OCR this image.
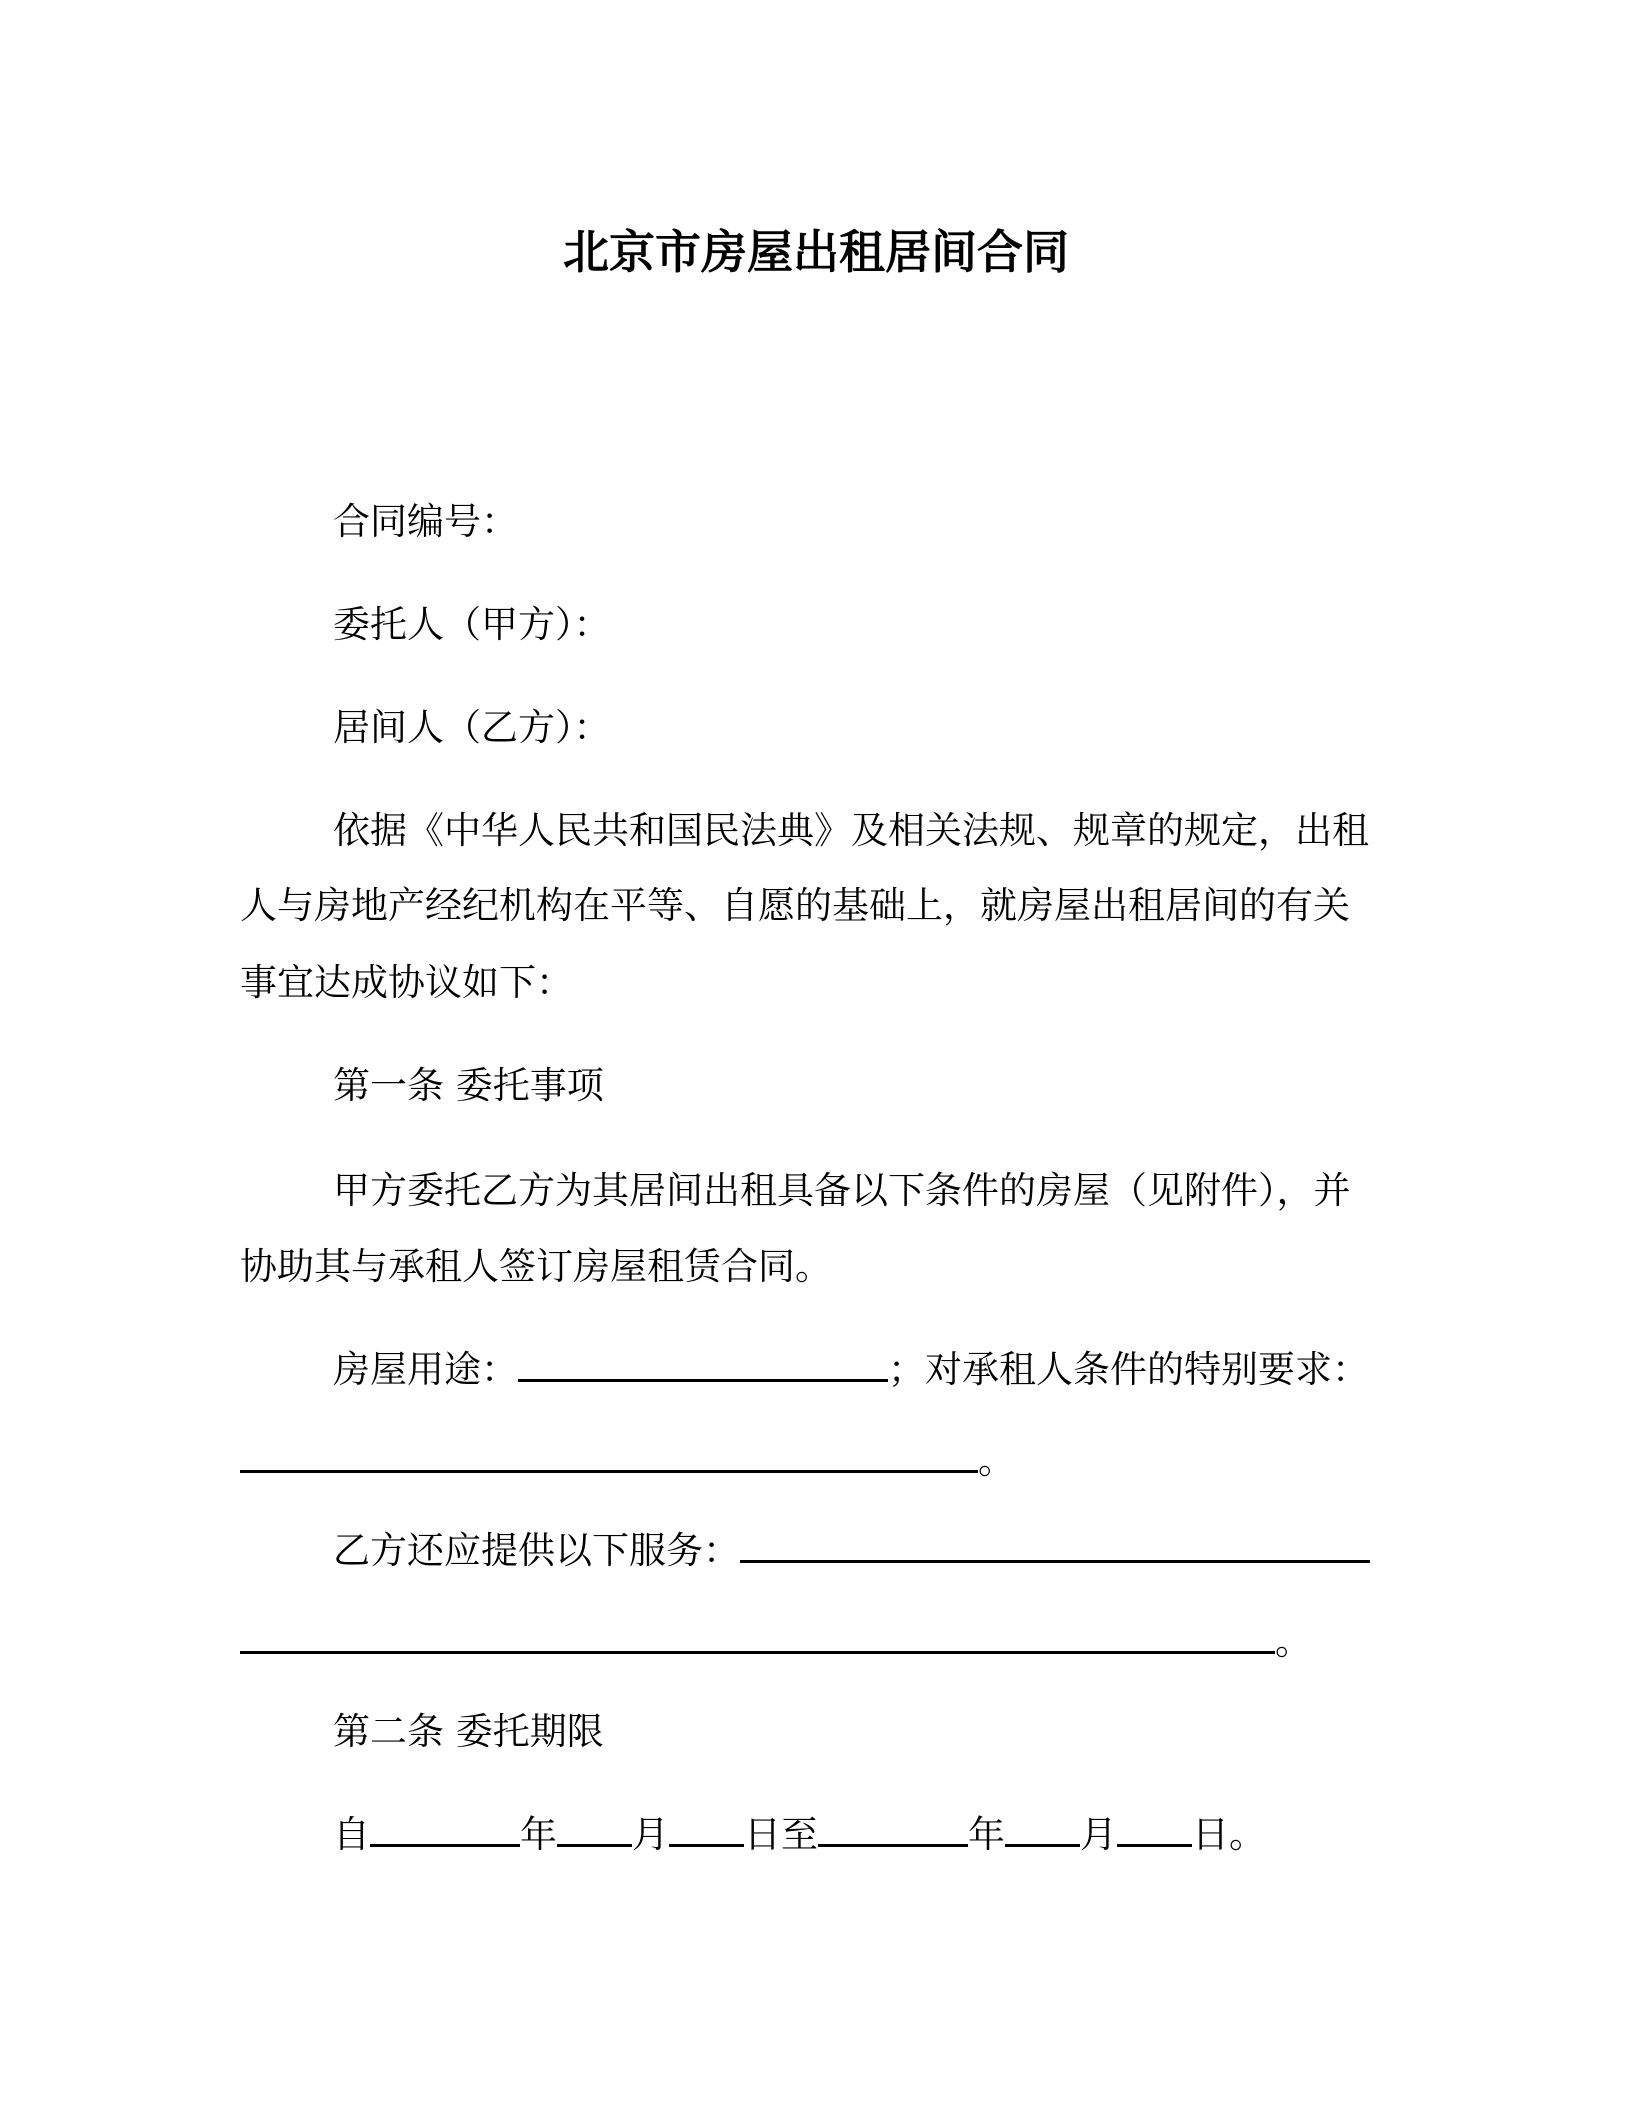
北京市房屋出租居间合同
合同编号：
委托人（甲方）：
居间人（乙方）：
依据《中华人民共和国民法典》及相关法规、规章的规定，出租
人与房地产经纪机构在平等、自愿的基础上，就房屋出租居间的有关
事宜达成协议如下：
第一条 委托事项
甲方委托乙方为其居间出租具备以下条件的房屋（见附件），并
协助其与承租人签订房屋租赁合同。
房屋用途：	；对承租人条件的特别要求：
。
乙方还应提供以下服务：
。
第二条 委托期限
自	年 月 日至	年 月 日。
